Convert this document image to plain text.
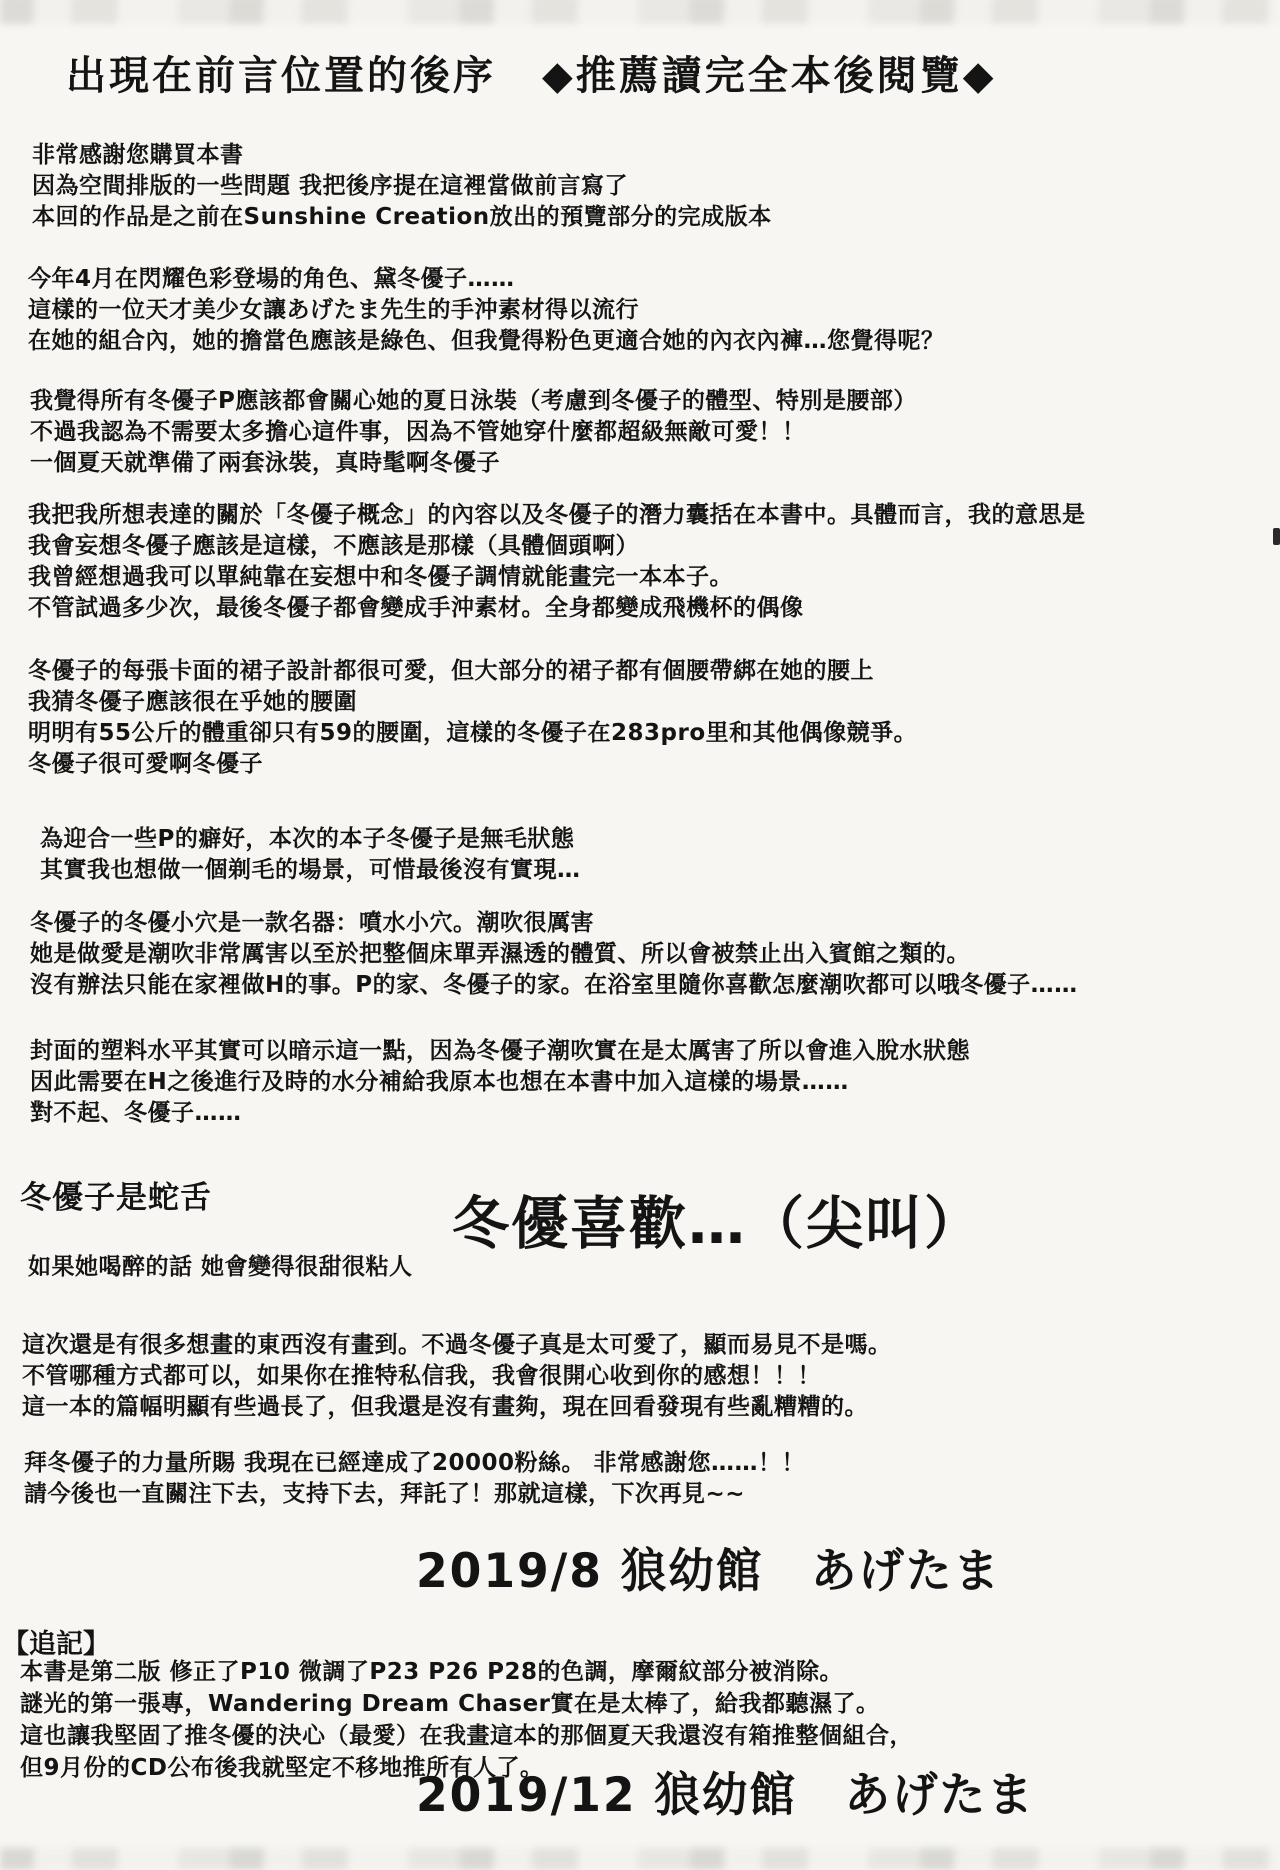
出現在前言位置的後序 ◆推薦讀完全本後閱覽◆
非常感謝您購買本書
因為空間排版的一些問題 我把後序提在這裡當做前言寫了
本回的作品是之前在Sunshine Creation放出的預覽部分的完成版本
今年4月在閃耀色彩登場的角色、黛冬優子……
這樣的一位天才美少女讓あげたま先生的手沖素材得以流行
在她的組合內，她的擔當色應該是綠色、但我覺得粉色更適合她的內衣內褲…您覺得呢？
我覺得所有冬優子P應該都會關心她的夏日泳裝（考慮到冬優子的體型、特別是腰部）
不過我認為不需要太多擔心這件事，因為不管她穿什麼都超級無敵可愛！！
一個夏天就準備了兩套泳裝，真時髦啊冬優子
我把我所想表達的關於「冬優子概念」的內容以及冬優子的潛力囊括在本書中。具體而言，我的意思是
我會妄想冬優子應該是這樣，不應該是那樣（具體個頭啊）
我曾經想過我可以單純靠在妄想中和冬優子調情就能畫完一本本子。
不管試過多少次，最後冬優子都會變成手沖素材。全身都變成飛機杯的偶像
冬優子的每張卡面的裙子設計都很可愛，但大部分的裙子都有個腰帶綁在她的腰上
我猜冬優子應該很在乎她的腰圍
明明有55公斤的體重卻只有59的腰圍，這樣的冬優子在283pro里和其他偶像競爭。
冬優子很可愛啊冬優子
為迎合一些P的癖好，本次的本子冬優子是無毛狀態
其實我也想做一個剃毛的場景，可惜最後沒有實現…
冬優子的冬優小穴是一款名器：噴水小穴。潮吹很厲害
她是做愛是潮吹非常厲害以至於把整個床單弄濕透的體質、所以會被禁止出入賓館之類的。
沒有辦法只能在家裡做H的事。P的家、冬優子的家。在浴室里隨你喜歡怎麼潮吹都可以哦冬優子……
封面的塑料水平其實可以暗示這一點，因為冬優子潮吹實在是太厲害了所以會進入脫水狀態
因此需要在H之後進行及時的水分補給我原本也想在本書中加入這樣的場景……
對不起、冬優子……
冬優子是蛇舌	冬優喜歡…（尖叫）
如果她喝醉的話 她會變得很甜很粘人
這次還是有很多想畫的東西沒有畫到。不過冬優子真是太可愛了，顯而易見不是嗎。
不管哪種方式都可以，如果你在推特私信我，我會很開心收到你的感想！！！
這一本的篇幅明顯有些過長了，但我還是沒有畫夠，現在回看發現有些亂糟糟的。
拜冬優子的力量所賜 我現在已經達成了20000粉絲。 非常感謝您……！！
請今後也一直關注下去，支持下去，拜託了！那就這樣，下次再見~~
2019/8 狼幼館　あげたま
【追記】
本書是第二版 修正了P10 微調了P23 P26 P28的色調，摩爾紋部分被消除。
謎光的第一張專，Wandering Dream Chaser實在是太棒了，給我都聽濕了。
這也讓我堅固了推冬優的決心（最愛）在我畫這本的那個夏天我還沒有箱推整個組合，
但9月份的CD公布後我就堅定不移地推所有人了。
2019/12 狼幼館　あげたま
